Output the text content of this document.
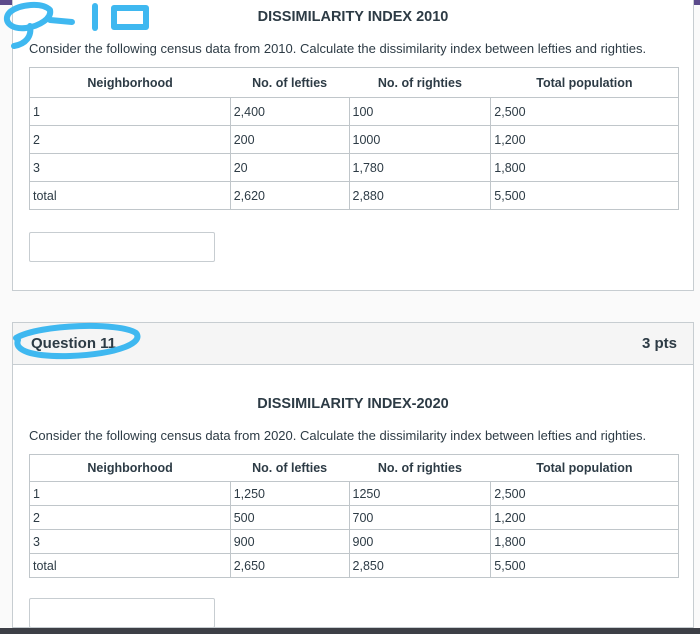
DISSIMILARITY INDEX 2010
Consider the following census data from 2010. Calculate the dissimilarity index between lefties and righties.
Neighborhood	No. of lefties	No. of righties	Total population
1	2,400	100	2,500
2	200	1000	1,200
3	20	1,780	1,800
total	2,620	2,880	5,500
Question 11	3 pts
DISSIMILARITY INDEX-2020
Consider the following census data from 2020. Calculate the dissimilarity index between lefties and righties.
Neighborhood	No. of lefties	No. of righties	Total population
1	1,250	1250	2,500
2	500	700	1,200
3	900	900	1,800
total	2,650	2,850	5,500
